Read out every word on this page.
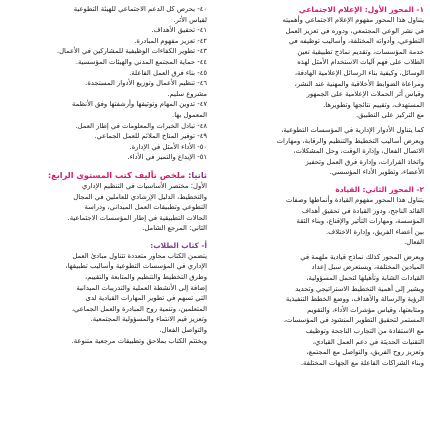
٤٠- يحرص كل الدعم الاجتماعي للهيئة التطوعية
لقياس الأثر.
٤١- تحقيق الأهداف.
٤٢- تعزيز مفهوم المبادرة.
٤٣- تطوير الكفاءات الوظيفية للمشاركين في الأعمال.
٤٤- حماية المجتمع المدني والهيئات المؤسسية.
٤٥- بناء فرق العمل الفاعلة.
٤٦- تنظيم الأعمال وتوزيع الأدوار المستجدة.
مشروع سليم.
٤٧- تدوين المهام وتوثيقها وأرشفتها وفق الأنظمة
المعمول بها.
٤٨- تبادل الخبرات والمعلومات في إطار العمل.
٤٩- توفير المناخ الملائم للعمل الجماعي.
٥٠- الأداء الأمثل في الإدارة.
٥١- الإبداع والتميز في الأداء.
ثانيا: ملخص تأليف كتب المستوى الرابع:
الأول: مختصر الأساسيات في التنظيم الإداري
والتخطيط، الدليل الإرشادي للعاملين في المجال
التطوعي وتطبيقات العمل الميداني، ودراسة
الحالات التطبيقية في إطار المؤسسات الاجتماعية.
الثاني: المرجع الشامل.
أ- كتاب الطلاب:
يتضمن الكتاب محاور متعددة تتناول مبادئ العمل
الإداري في المؤسسات التطوعية وأساليب تطبيقها،
وطرق التخطيط والتنظيم والمتابعة والتقييم،
إضافة إلى الأنشطة العملية والتدريبات الميدانية
التي تسهم في تطوير المهارات القيادية لدى
المتعلمين، وتنمية روح المبادرة والعمل الجماعي،
وتعزيز قيم الانتماء والمسؤولية المجتمعية.
والتواصل الفعال.
ويختتم الكتاب بملاحق وتطبيقات مرجعية متنوعة.
١- المحور الأول: الإعلام الاجتماعي
يتناول هذا المحور مفهوم الإعلام الاجتماعي وأهميته
في نشر الوعي المجتمعي، ودوره في تعزيز العمل
التطوعي، وأدواته المختلفة، وأساليب توظيفه في
خدمة المؤسسات، وتقديم نماذج تطبيقية تعين
الطلاب على فهم آليات الاستخدام الأمثل لهذه
الوسائل، وكيفية بناء الرسائل الإعلامية الهادفة،
ومراعاة الضوابط الأخلاقية والمهنية عند النشر،
وقياس أثر الحملات الإعلامية على الجمهور
المستهدف، وتقييم نتائجها وتطويرها.
مع التركيز على التطبيق.
كما يتناول الأدوار الإدارية في المؤسسات التطوعية،
ويعرض أساليب التخطيط والتنظيم والرقابة، ومهارات
الاتصال الفعال، وإدارة الوقت، وحل المشكلات،
واتخاذ القرارات، وإدارة فرق العمل وتحفيز
الأعضاء، وتطوير الأداء المؤسسي.
٢- المحور الثاني: القيادة
يتناول هذا المحور مفهوم القيادة وأنماطها وصفات
القائد الناجح، ودور القيادة في تحقيق أهداف
المؤسسة، ومهارات التأثير والإقناع، وبناء الثقة
بين أعضاء الفريق، وإدارة الاختلاف.
الفعال.
ويعرض المحور كذلك نماذج قيادية ملهمة في
الميادين المختلفة، ويستعرض سبل إعداد
القيادات الشابة وتأهيلها لتحمل المسؤولية،
ويشير إلى أهمية التخطيط الاستراتيجي وتحديد
الرؤية والرسالة والأهداف، ووضع الخطط التنفيذية
ومتابعتها، وقياس مؤشرات الأداء، والتقويم
المستمر لتحقيق التطوير المنشود في المؤسسات،
مع الاستفادة من التجارب الناجحة وتوظيف
التقنيات الحديثة في دعم العمل القيادي،
وتعزيز روح الفريق، والتواصل مع المجتمع،
وبناء الشراكات الفاعلة مع الجهات المختلفة.
